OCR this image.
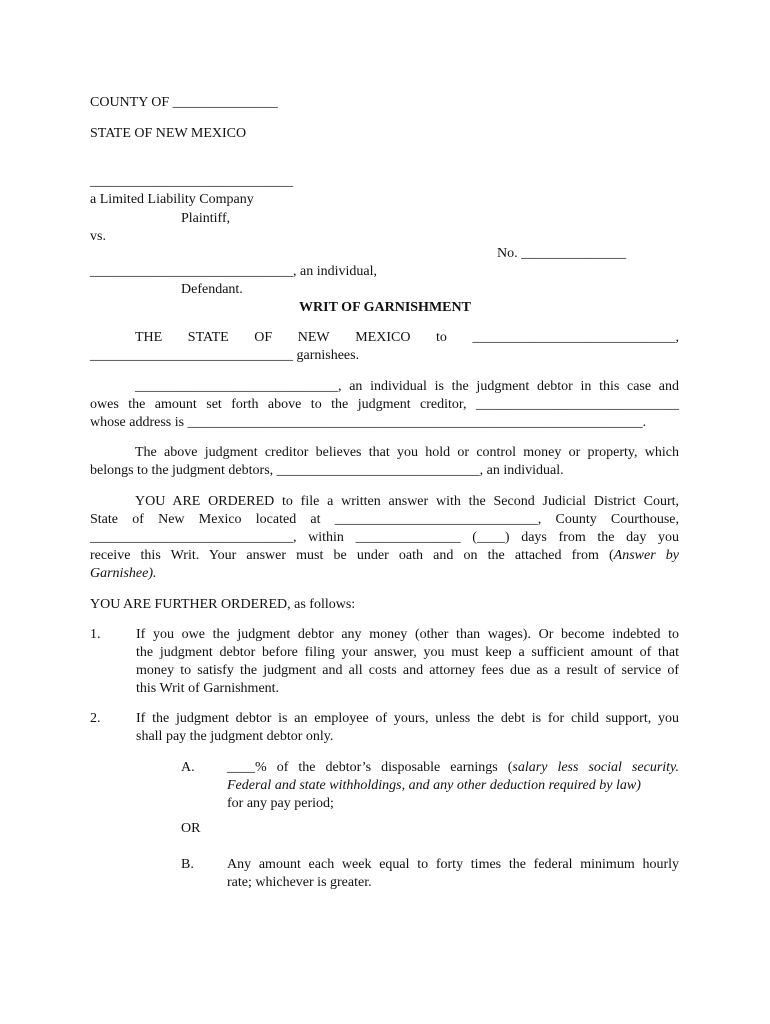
COUNTY OF _______________
STATE OF NEW MEXICO
_____________________________
a Limited Liability Company
Plaintiff,
vs.
No. _______________
_____________________________, an individual,
Defendant.
WRIT OF GARNISHMENT
THE STATE OF NEW MEXICO to _____________________________,
_____________________________ garnishees.
_____________________________, an individual is the judgment debtor in this case and
owes the amount set forth above to the judgment creditor, _____________________________
whose address is _________________________________________________________________.
The above judgment creditor believes that you hold or control money or property, which
belongs to the judgment debtors, _____________________________, an individual.
YOU ARE ORDERED to file a written answer with the Second Judicial District Court,
State of New Mexico located at _____________________________, County Courthouse,
_____________________________, within _______________ (____) days from the day you
receive this Writ. Your answer must be under oath and on the attached from (Answer by
Garnishee).
YOU ARE FURTHER ORDERED, as follows:
1.	If you owe the judgment debtor any money (other than wages). Or become indebted to
the judgment debtor before filing your answer, you must keep a sufficient amount of that
money to satisfy the judgment and all costs and attorney fees due as a result of service of
this Writ of Garnishment.
2.	If the judgment debtor is an employee of yours, unless the debt is for child support, you
shall pay the judgment debtor only.
A. ____% of the debtor’s disposable earnings (salary less social security.
Federal and state withholdings, and any other deduction required by law)
for any pay period;
OR
B. Any amount each week equal to forty times the federal minimum hourly
rate; whichever is greater.
